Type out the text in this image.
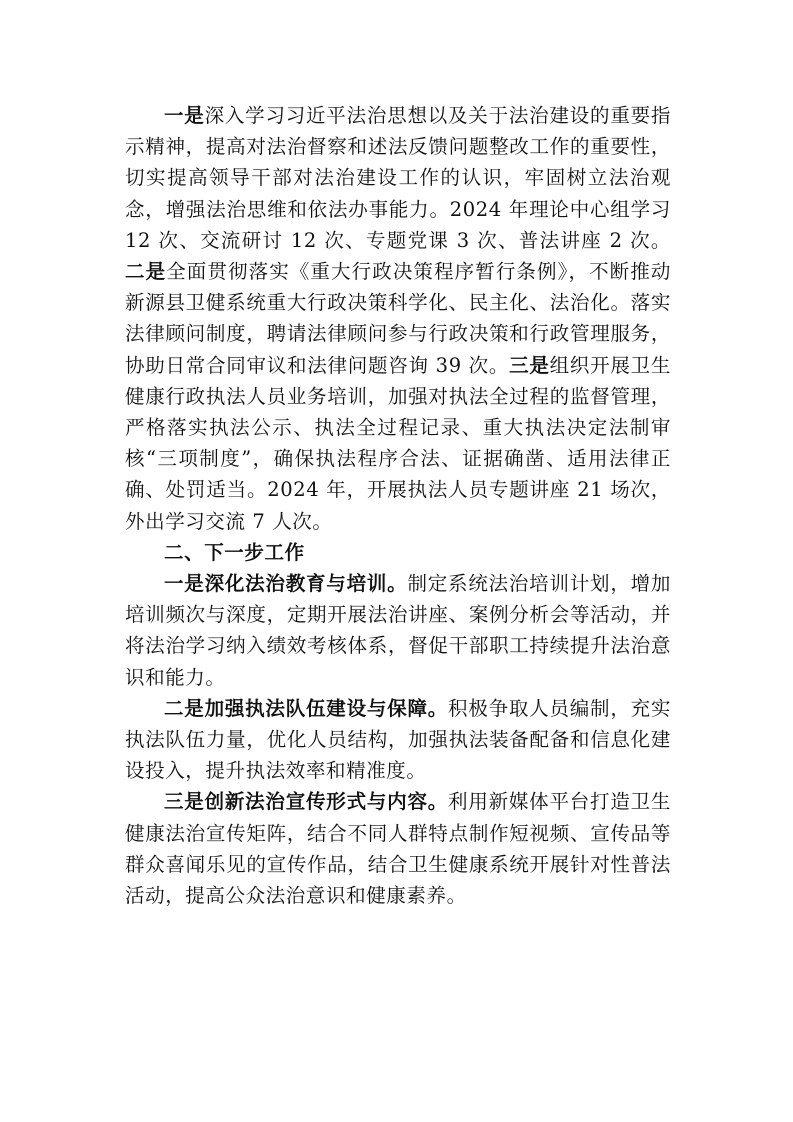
一是深入学习习近平法治思想以及关于法治建设的重要指示精神，提高对法治督察和述法反馈问题整改工作的重要性，切实提高领导干部对法治建设工作的认识，牢固树立法治观念，增强法治思维和依法办事能力。2024 年理论中心组学习 12 次、交流研讨 12 次、专题党课 3 次、普法讲座 2 次。二是全面贯彻落实《重大行政决策程序暂行条例》，不断推动新源县卫健系统重大行政决策科学化、民主化、法治化。落实法律顾问制度，聘请法律顾问参与行政决策和行政管理服务，协助日常合同审议和法律问题咨询 39 次。三是组织开展卫生健康行政执法人员业务培训，加强对执法全过程的监督管理，严格落实执法公示、执法全过程记录、重大执法决定法制审核“三项制度”，确保执法程序合法、证据确凿、适用法律正确、处罚适当。2024 年，开展执法人员专题讲座 21 场次，外出学习交流 7 人次。

二、下一步工作

一是深化法治教育与培训。制定系统法治培训计划，增加培训频次与深度，定期开展法治讲座、案例分析会等活动，并将法治学习纳入绩效考核体系，督促干部职工持续提升法治意识和能力。

二是加强执法队伍建设与保障。积极争取人员编制，充实执法队伍力量，优化人员结构，加强执法装备配备和信息化建设投入，提升执法效率和精准度。

三是创新法治宣传形式与内容。利用新媒体平台打造卫生健康法治宣传矩阵，结合不同人群特点制作短视频、宣传品等群众喜闻乐见的宣传作品，结合卫生健康系统开展针对性普法活动，提高公众法治意识和健康素养。
